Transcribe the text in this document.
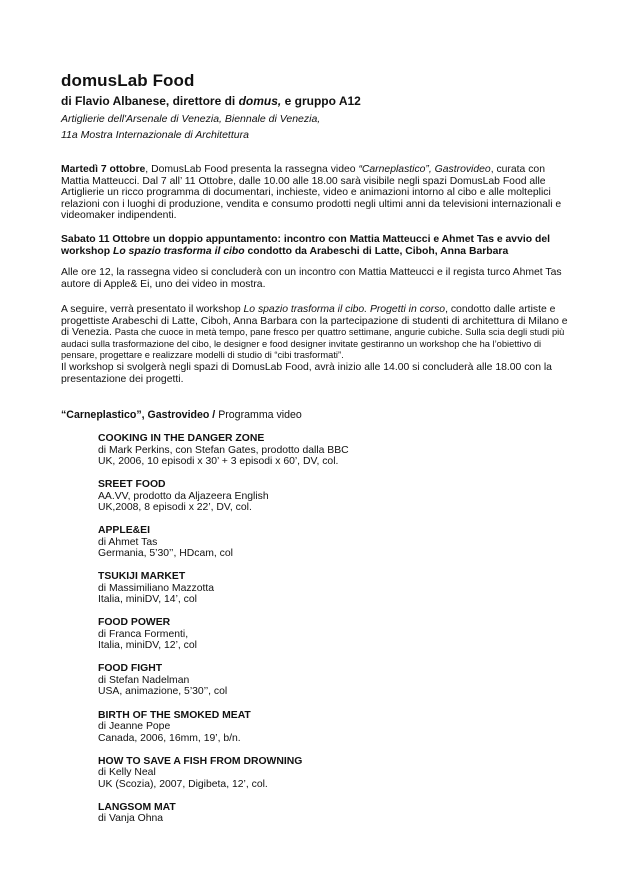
domusLab Food
di Flavio Albanese, direttore di domus, e gruppo A12
Artiglierie dell'Arsenale di Venezia, Biennale di Venezia,
11a Mostra Internazionale di Architettura

Martedì 7 ottobre, DomusLab Food presenta la rassegna video “Carneplastico”, Gastrovideo, curata con Mattia Matteucci. Dal 7 all’ 11 Ottobre, dalle 10.00 alle 18.00 sarà visibile negli spazi DomusLab Food alle Artiglierie un ricco programma di documentari, inchieste, video e animazioni intorno al cibo e alle molteplici relazioni con i luoghi di produzione, vendita e consumo prodotti negli ultimi anni da televisioni internazionali e videomaker indipendenti.

Sabato 11 Ottobre un doppio appuntamento: incontro con Mattia Matteucci e Ahmet Tas e avvio del workshop Lo spazio trasforma il cibo condotto da Arabeschi di Latte, Ciboh, Anna Barbara

Alle ore 12, la rassegna video si concluderà con un incontro con Mattia Matteucci e il regista turco Ahmet Tas autore di Apple& Ei, uno dei video in mostra.

A seguire, verrà presentato il workshop Lo spazio trasforma il cibo. Progetti in corso, condotto dalle artiste e progettiste Arabeschi di Latte, Ciboh, Anna Barbara con la partecipazione di studenti di architettura di Milano e di Venezia. Pasta che cuoce in metà tempo, pane fresco per quattro settimane, angurie cubiche. Sulla scia degli studi più audaci sulla trasformazione del cibo, le designer e food designer invitate gestiranno un workshop che ha l’obiettivo di pensare, progettare e realizzare modelli di studio di “cibi trasformati”.
Il workshop si svolgerà negli spazi di DomusLab Food, avrà inizio alle 14.00 si concluderà alle 18.00 con la presentazione dei progetti.

“Carneplastico”, Gastrovideo / Programma video
COOKING IN THE DANGER ZONE
di Mark Perkins, con Stefan Gates, prodotto dalla BBC
UK, 2006, 10 episodi x 30’ + 3 episodi x 60’, DV, col.
SREET FOOD
AA.VV, prodotto da Aljazeera English
UK,2008, 8 episodi x 22’, DV, col.
APPLE&EI
di Ahmet Tas
Germania, 5’30’’, HDcam, col
TSUKIJI MARKET
di Massimiliano Mazzotta
Italia, miniDV, 14’, col
FOOD POWER
di Franca Formenti,
Italia, miniDV, 12’, col
FOOD FIGHT
di Stefan Nadelman
USA, animazione, 5’30’’, col
BIRTH OF THE SMOKED MEAT
di Jeanne Pope
Canada, 2006, 16mm, 19’, b/n.
HOW TO SAVE A FISH FROM DROWNING
di Kelly Neal
UK (Scozia), 2007, Digibeta, 12’, col.
LANGSOM MAT
di Vanja Ohna
